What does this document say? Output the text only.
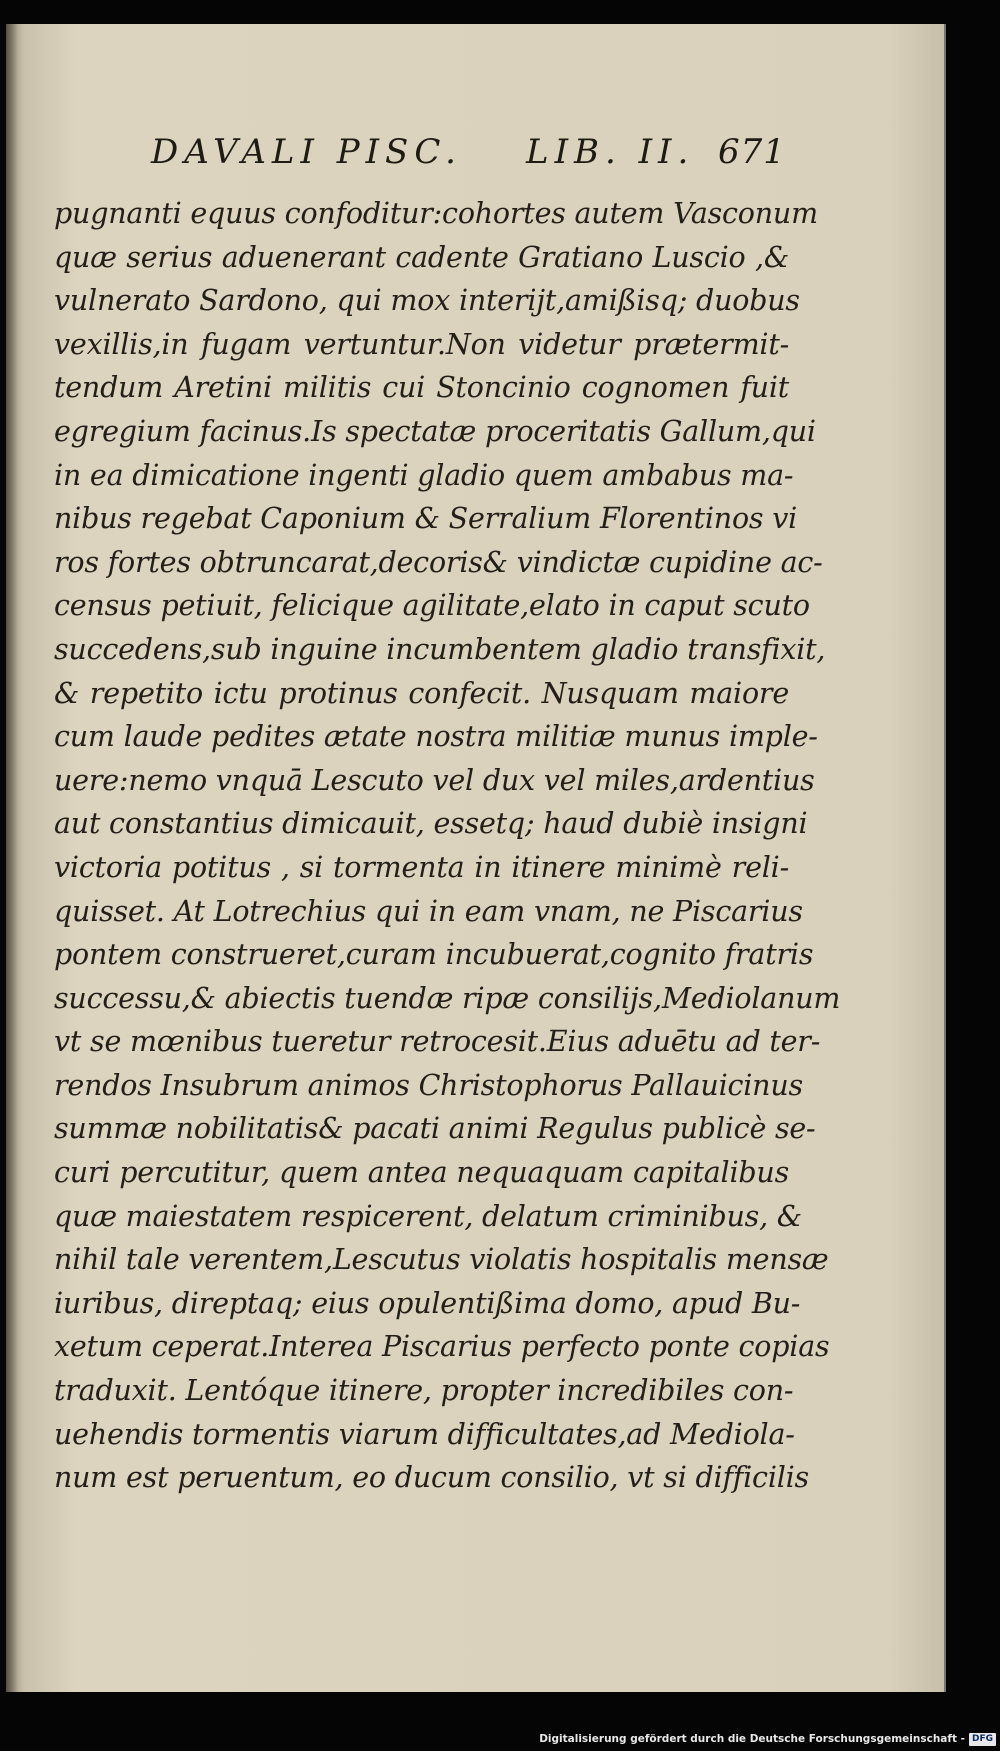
DAVALI PISC. LIB. II. 671
pugnanti equus confoditur:cohortes autem Vasconum
quæ serius aduenerant cadente Gratiano Luscio ,&
vulnerato Sardono, qui mox interijt,amißisq; duobus
vexillis,in fugam vertuntur.Non videtur prætermit-
tendum Aretini militis cui Stoncinio cognomen fuit
egregium facinus.Is spectatæ proceritatis Gallum,qui
in ea dimicatione ingenti gladio quem ambabus ma-
nibus regebat Caponium & Serralium Florentinos vi
ros fortes obtruncarat,decoris& vindictæ cupidine ac-
census petiuit, felicique agilitate,elato in caput scuto
succedens,sub inguine incumbentem gladio transfixit,
& repetito ictu protinus confecit. Nusquam maiore
cum laude pedites ætate nostra militiæ munus imple-
uere:nemo vnquā Lescuto vel dux vel miles,ardentius
aut constantius dimicauit, essetq; haud dubiè insigni
victoria potitus , si tormenta in itinere minimè reli-
quisset. At Lotrechius qui in eam vnam, ne Piscarius
pontem construeret,curam incubuerat,cognito fratris
successu,& abiectis tuendæ ripæ consilijs,Mediolanum
vt se mœnibus tueretur retrocesit.Eius aduētu ad ter-
rendos Insubrum animos Christophorus Pallauicinus
summæ nobilitatis& pacati animi Regulus publicè se-
curi percutitur, quem antea nequaquam capitalibus
quæ maiestatem respicerent, delatum criminibus, &
nihil tale verentem,Lescutus violatis hospitalis mensæ
iuribus, direptaq; eius opulentißima domo, apud Bu-
xetum ceperat.Interea Piscarius perfecto ponte copias
traduxit. Lentóque itinere, propter incredibiles con-
uehendis tormentis viarum difficultates,ad Mediola-
num est peruentum, eo ducum consilio, vt si difficilis
Digitalisierung gefördert durch die Deutsche Forschungsgemeinschaft - DFG
